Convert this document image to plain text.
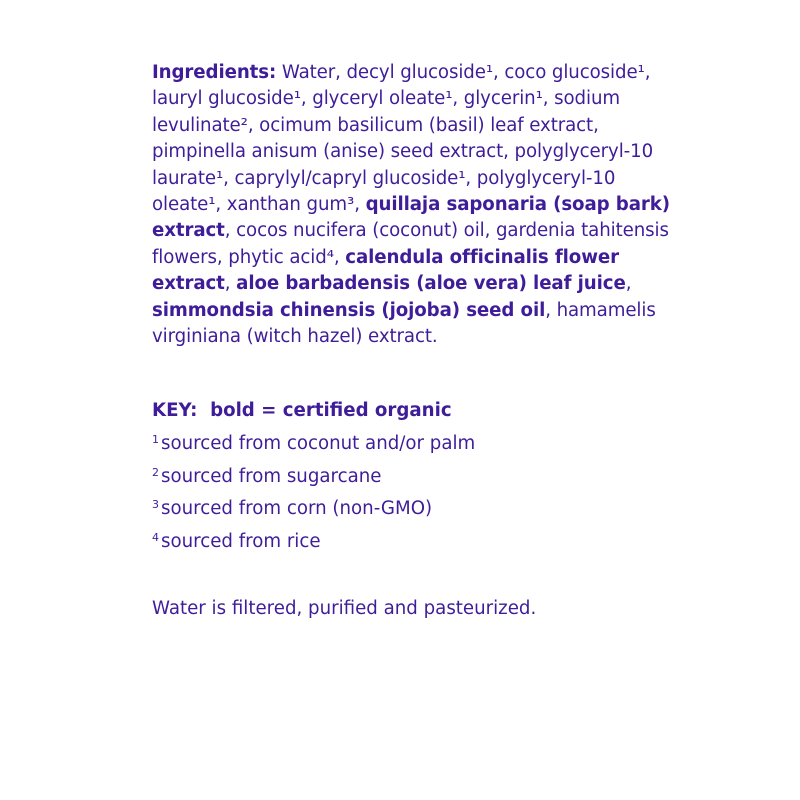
Ingredients: Water, decyl glucoside¹, coco glucoside¹, lauryl glucoside¹, glyceryl oleate¹, glycerin¹, sodium levulinate², ocimum basilicum (basil) leaf extract, pimpinella anisum (anise) seed extract, polyglyceryl-10 laurate¹, caprylyl/capryl glucoside¹, polyglyceryl-10 oleate¹, xanthan gum³, quillaja saponaria (soap bark) extract, cocos nucifera (coconut) oil, gardenia tahitensis flowers, phytic acid⁴, calendula officinalis flower extract, aloe barbadensis (aloe vera) leaf juice, simmondsia chinensis (jojoba) seed oil, hamamelis virginiana (witch hazel) extract.

KEY: bold = certified organic

$^1$ sourced from coconut and/or palm

$^2$ sourced from sugarcane

$^3$ sourced from corn (non-GMO)

$^4$ sourced from rice

Water is filtered, purified and pasteurized.
